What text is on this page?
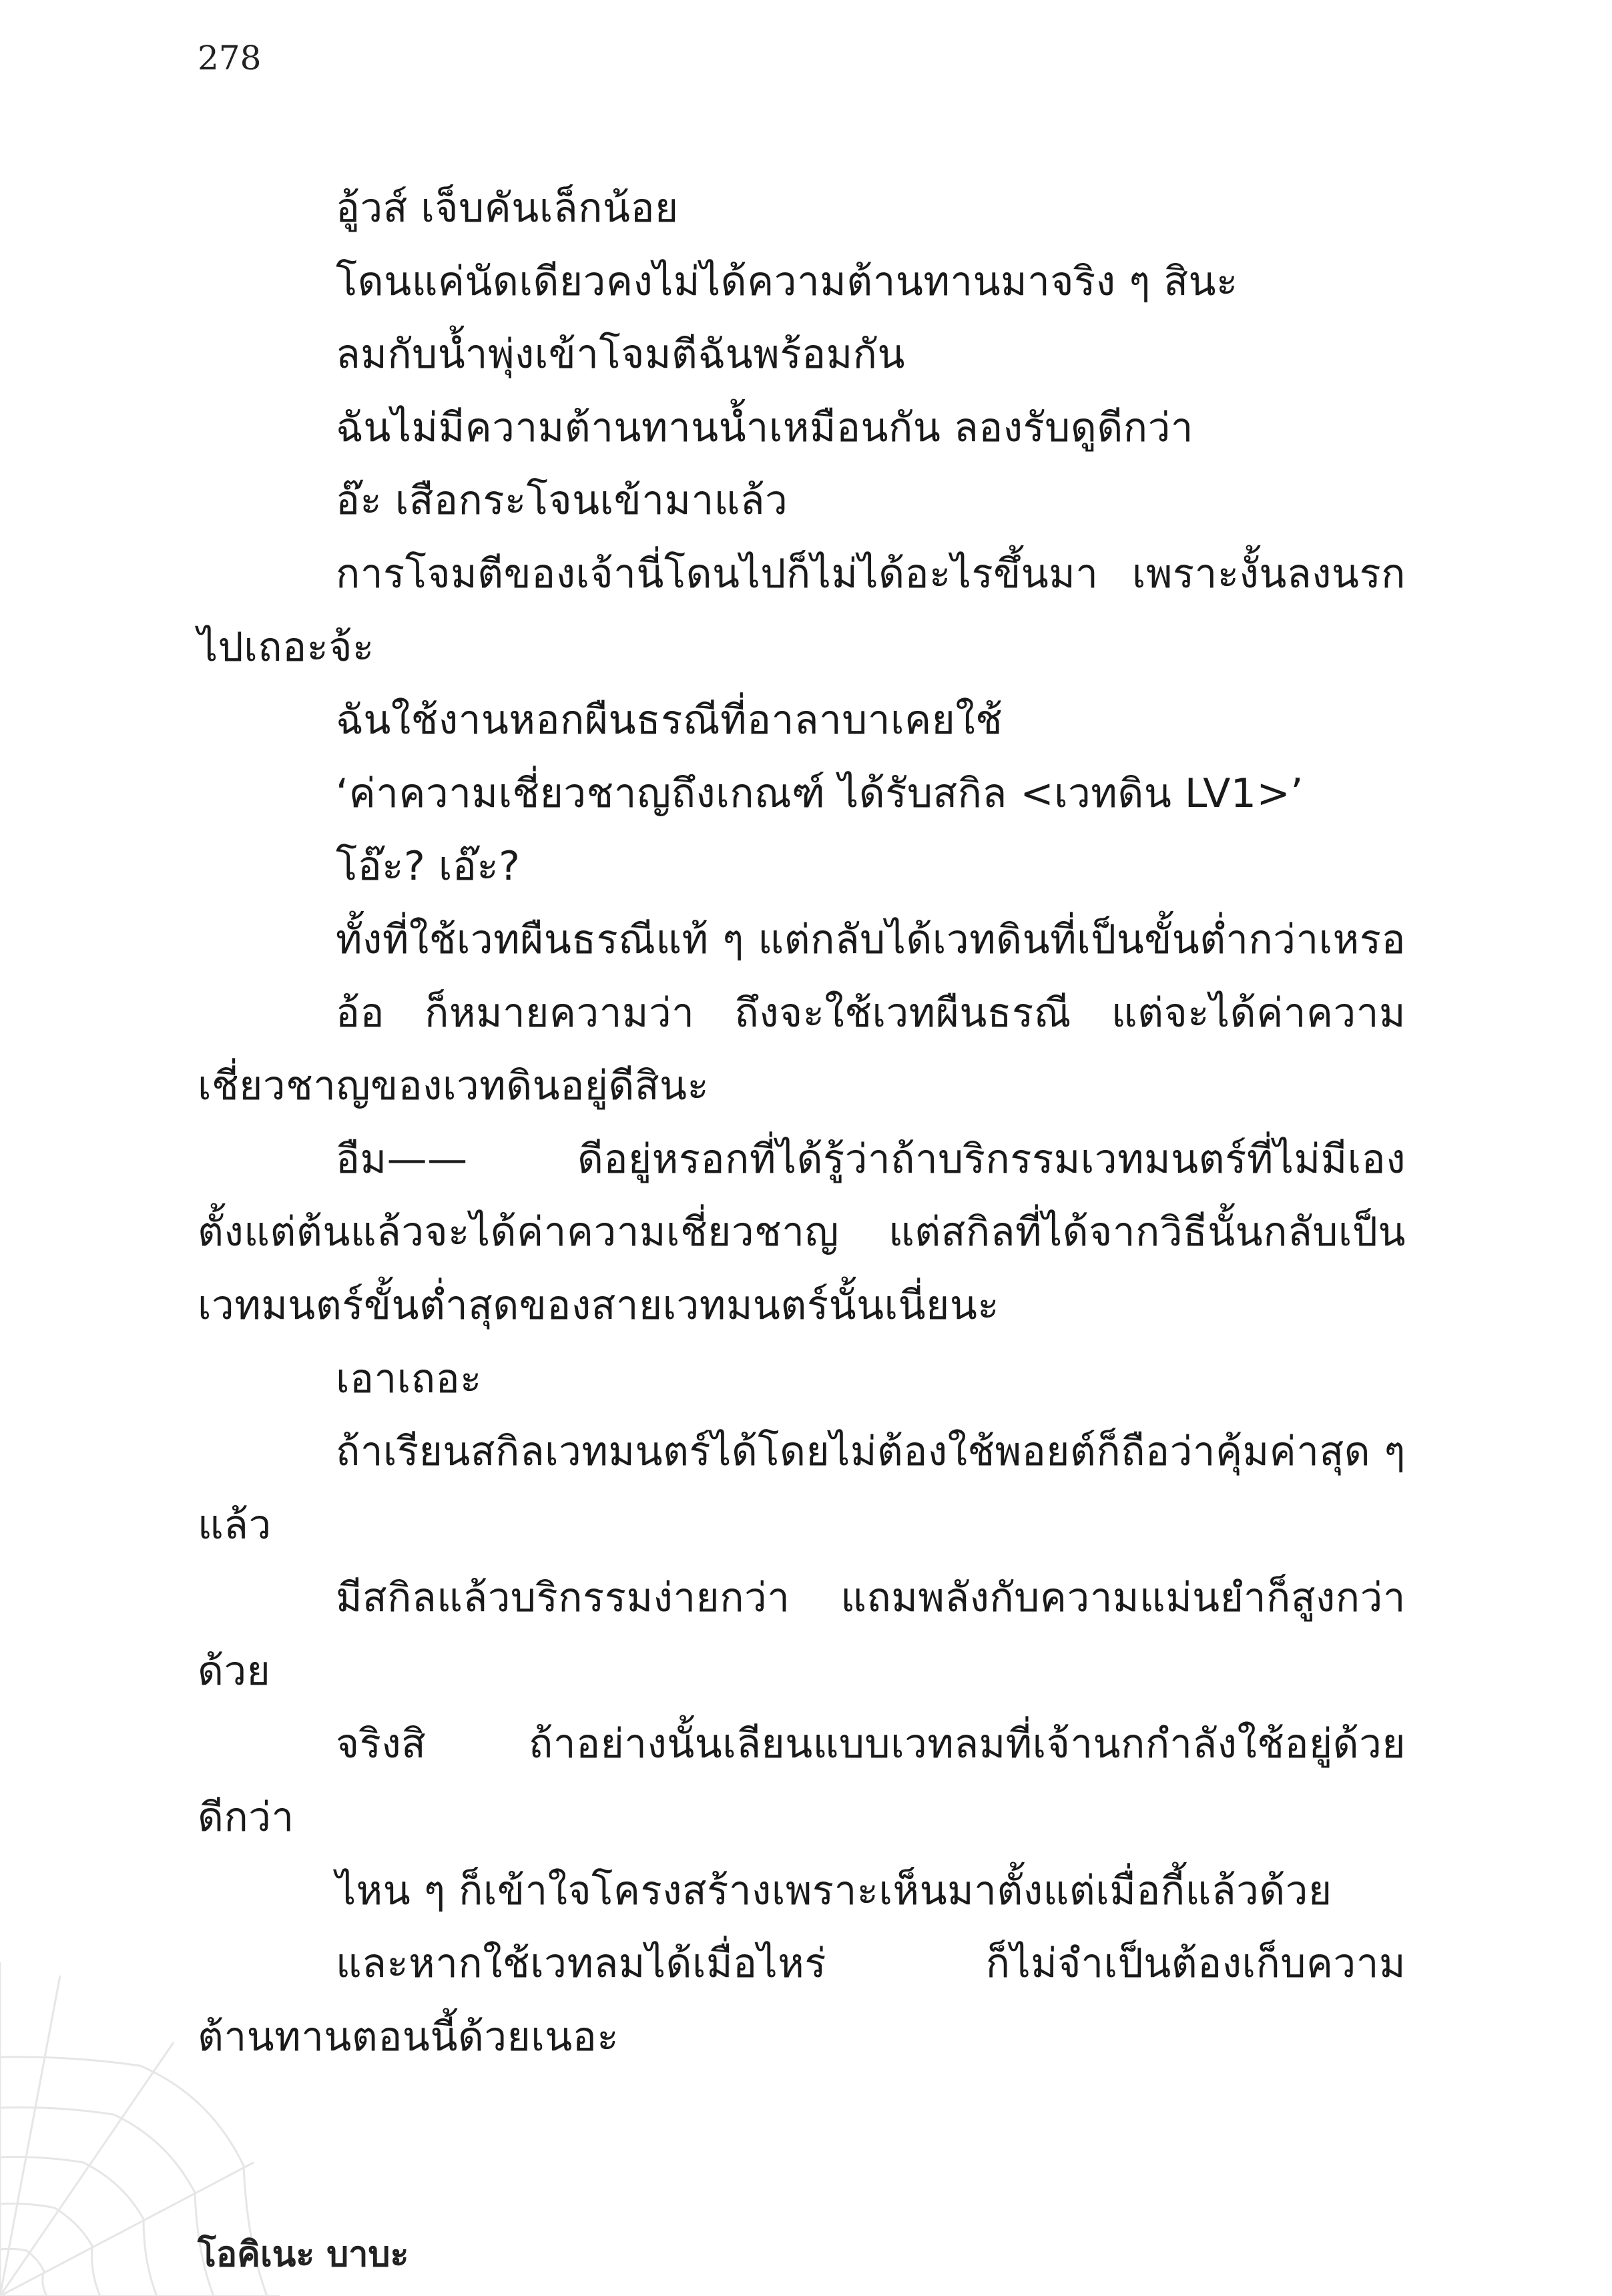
278
อู้วส์ เจ็บคันเล็กน้อย
โดนแค่นัดเดียวคงไม่ได้ความต้านทานมาจริง ๆ สินะ
ลมกับน้ำพุ่งเข้าโจมตีฉันพร้อมกัน
ฉันไม่มีความต้านทานน้ำเหมือนกัน ลองรับดูดีกว่า
อ๊ะ เสือกระโจนเข้ามาแล้ว
การโจมตีของเจ้านี่โดนไปก็ไม่ได้อะไรขึ้นมา เพราะงั้นลงนรก
ไปเถอะจ้ะ
ฉันใช้งานหอกผืนธรณีที่อาลาบาเคยใช้
‘ค่าความเชี่ยวชาญถึงเกณฑ์ ได้รับสกิล <เวทดิน LV1>’
โอ๊ะ? เอ๊ะ?
ทั้งที่ใช้เวทผืนธรณีแท้ ๆ แต่กลับได้เวทดินที่เป็นขั้นต่ำกว่าเหรอ
อ้อ ก็หมายความว่า ถึงจะใช้เวทผืนธรณี แต่จะได้ค่าความ
เชี่ยวชาญของเวทดินอยู่ดีสินะ
อืม—— ดีอยู่หรอกที่ได้รู้ว่าถ้าบริกรรมเวทมนตร์ที่ไม่มีเอง
ตั้งแต่ต้นแล้วจะได้ค่าความเชี่ยวชาญ แต่สกิลที่ได้จากวิธีนั้นกลับเป็น
เวทมนตร์ขั้นต่ำสุดของสายเวทมนตร์นั้นเนี่ยนะ
เอาเถอะ
ถ้าเรียนสกิลเวทมนตร์ได้โดยไม่ต้องใช้พอยต์ก็ถือว่าคุ้มค่าสุด ๆ
แล้ว
มีสกิลแล้วบริกรรมง่ายกว่า แถมพลังกับความแม่นยำก็สูงกว่า
ด้วย
จริงสิ ถ้าอย่างนั้นเลียนแบบเวทลมที่เจ้านกกำลังใช้อยู่ด้วย
ดีกว่า
ไหน ๆ ก็เข้าใจโครงสร้างเพราะเห็นมาตั้งแต่เมื่อกี้แล้วด้วย
และหากใช้เวทลมได้เมื่อไหร่ ก็ไม่จำเป็นต้องเก็บความ
ต้านทานตอนนี้ด้วยเนอะ
โอคิเนะ บาบะ
